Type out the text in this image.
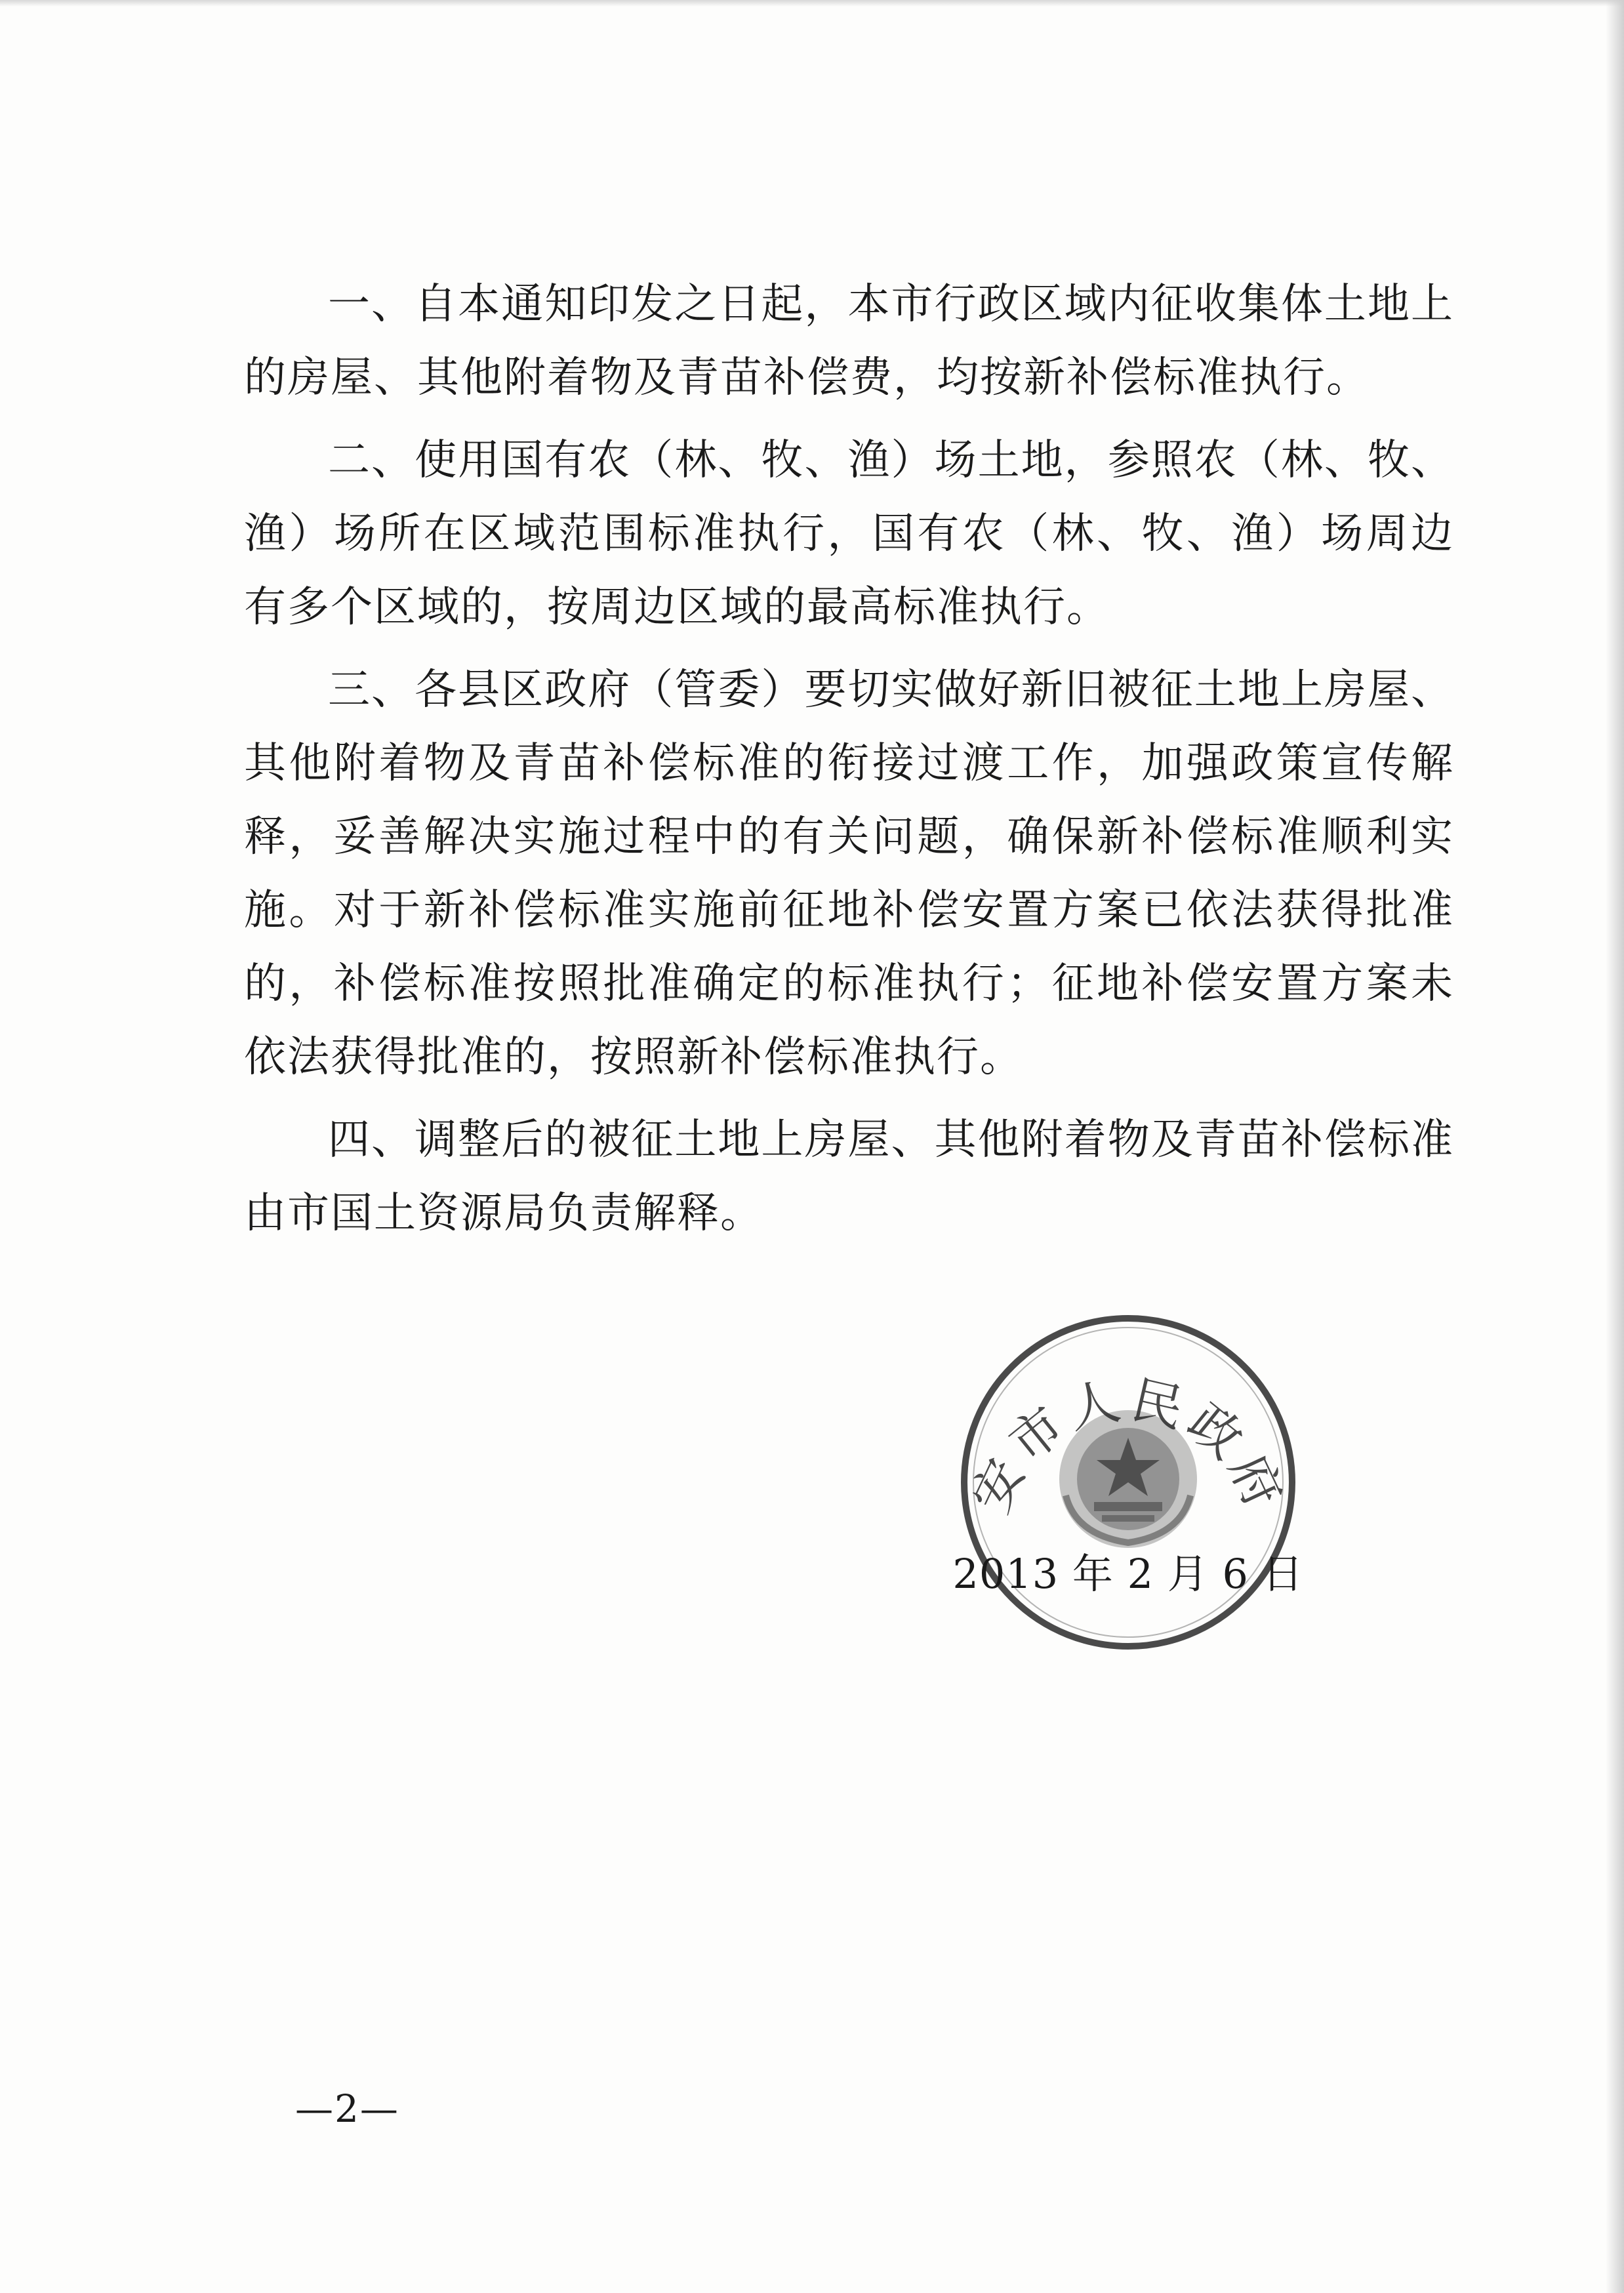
一、自本通知印发之日起，本市行政区域内征收集体土地上的房屋、其他附着物及青苗补偿费，均按新补偿标准执行。

二、使用国有农（林、牧、渔）场土地，参照农（林、牧、渔）场所在区域范围标准执行，国有农（林、牧、渔）场周边有多个区域的，按周边区域的最高标准执行。

三、各县区政府（管委）要切实做好新旧被征土地上房屋、其他附着物及青苗补偿标准的衔接过渡工作，加强政策宣传解释，妥善解决实施过程中的有关问题，确保新补偿标准顺利实施。对于新补偿标准实施前征地补偿安置方案已依法获得批准的，补偿标准按照批准确定的标准执行；征地补偿安置方案未依法获得批准的，按照新补偿标准执行。

四、调整后的被征土地上房屋、其他附着物及青苗补偿标准由市国土资源局负责解释。

安市人民政府
2013 年 2 月 6 日
—2—
